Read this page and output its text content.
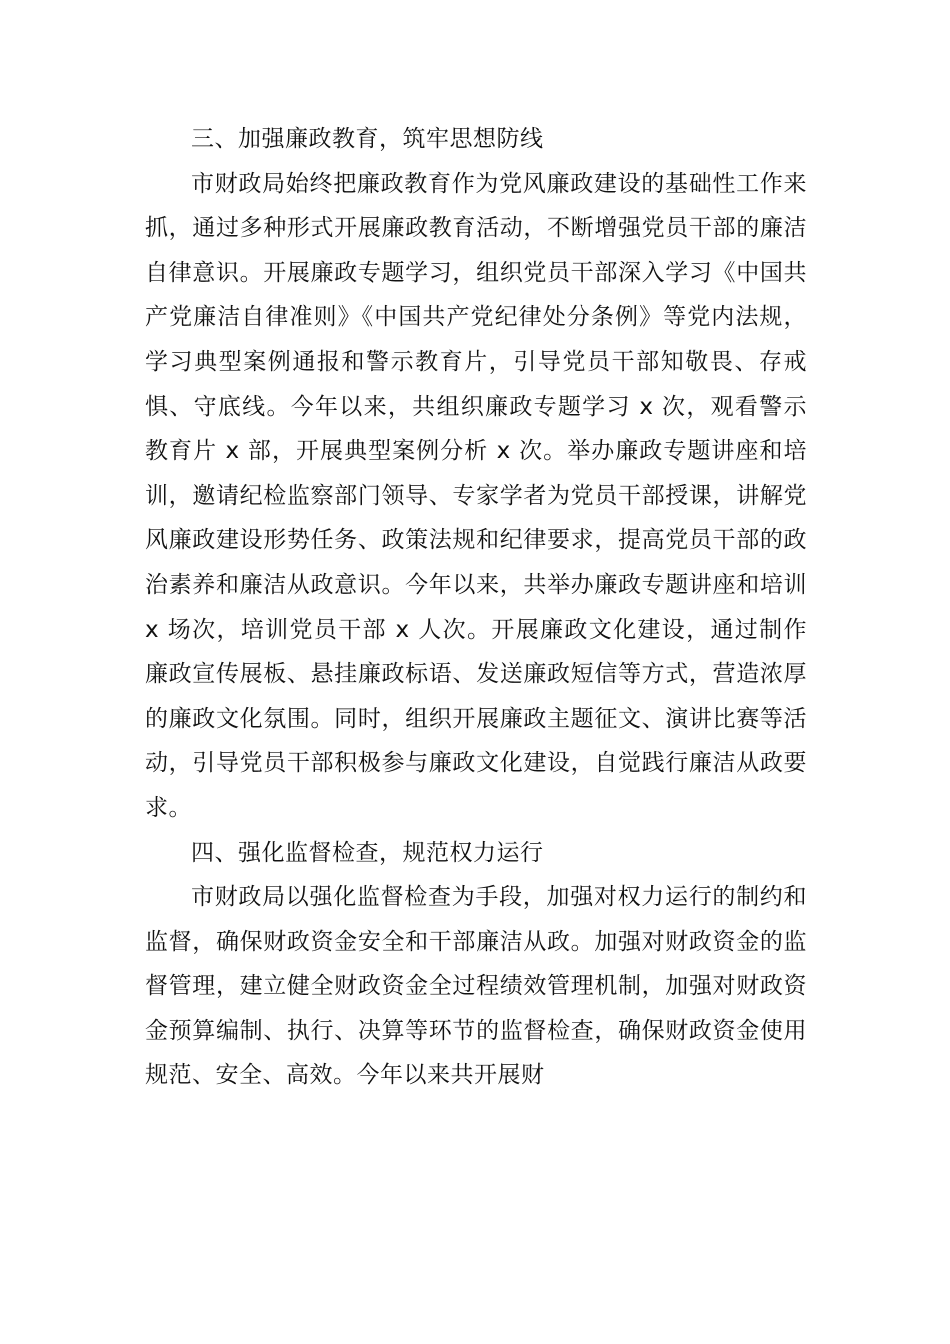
三、加强廉政教育，筑牢思想防线

市财政局始终把廉政教育作为党风廉政建设的基础性工作来抓，通过多种形式开展廉政教育活动，不断增强党员干部的廉洁自律意识。开展廉政专题学习，组织党员干部深入学习《中国共产党廉洁自律准则》《中国共产党纪律处分条例》等党内法规，学习典型案例通报和警示教育片，引导党员干部知敬畏、存戒惧、守底线。今年以来，共组织廉政专题学习 x 次，观看警示教育片 x 部，开展典型案例分析 x 次。举办廉政专题讲座和培训，邀请纪检监察部门领导、专家学者为党员干部授课，讲解党风廉政建设形势任务、政策法规和纪律要求，提高党员干部的政治素养和廉洁从政意识。今年以来，共举办廉政专题讲座和培训 x 场次，培训党员干部 x 人次。开展廉政文化建设，通过制作廉政宣传展板、悬挂廉政标语、发送廉政短信等方式，营造浓厚的廉政文化氛围。同时，组织开展廉政主题征文、演讲比赛等活动，引导党员干部积极参与廉政文化建设，自觉践行廉洁从政要求。

四、强化监督检查，规范权力运行

市财政局以强化监督检查为手段，加强对权力运行的制约和监督，确保财政资金安全和干部廉洁从政。加强对财政资金的监督管理，建立健全财政资金全过程绩效管理机制，加强对财政资金预算编制、执行、决算等环节的监督检查，确保财政资金使用规范、安全、高效。今年以来共开展财
